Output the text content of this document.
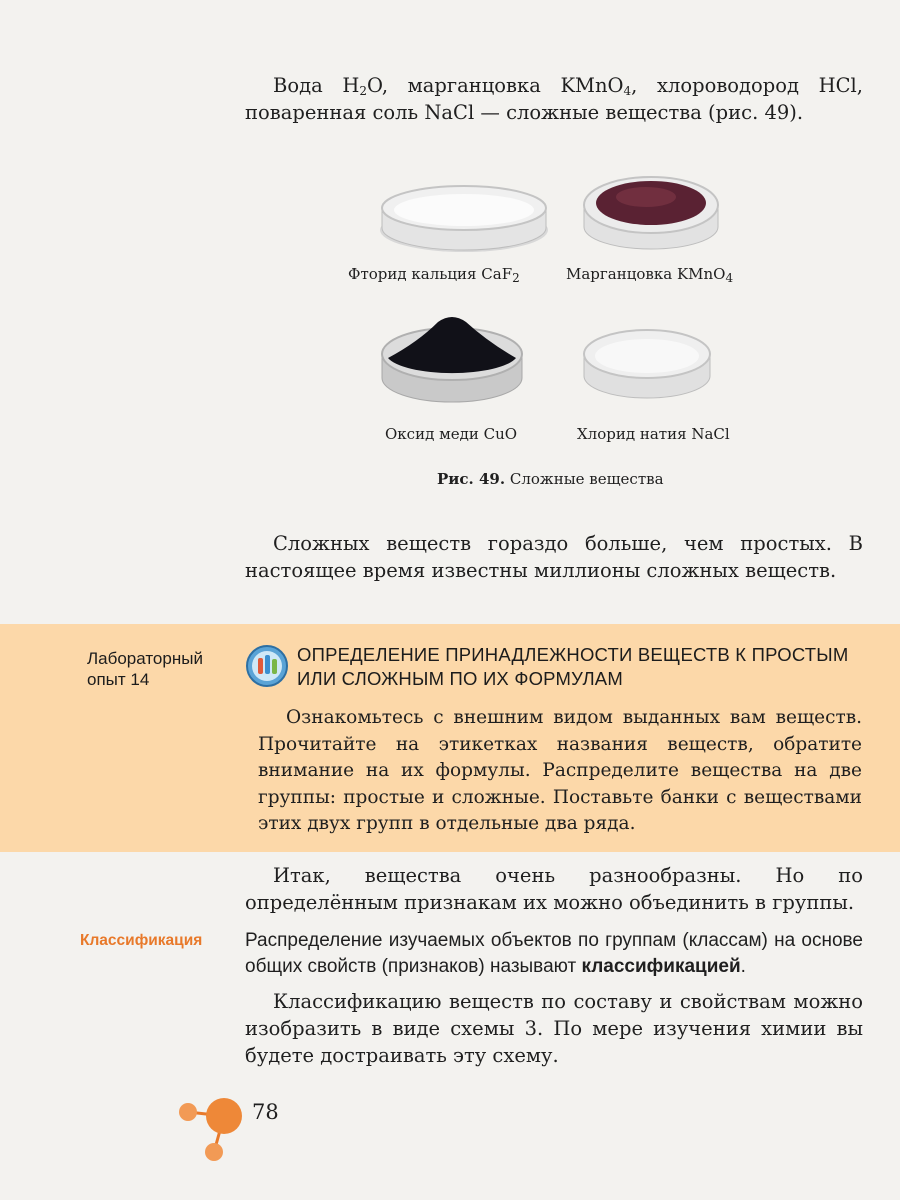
Вода $H_2O$, марганцовка KMnO$_4$, хлороводород HCl, поваренная соль NaCl — сложные вещества (рис. 49).

Фторид кальция CaF$_2$	Марганцовка KMnO$_4$
Оксид меди CuO	Хлорид натия NaCl
Рис. 49. Сложные вещества

Сложных веществ гораздо больше, чем простых. В настоящее время известны миллионы сложных веществ.

Лабораторный
опыт 14
ОПРЕДЕЛЕНИЕ ПРИНАДЛЕЖНОСТИ ВЕЩЕСТВ К ПРОСТЫМ ИЛИ СЛОЖНЫМ ПО ИХ ФОРМУЛАМ

Ознакомьтесь с внешним видом выданных вам веществ. Прочитайте на этикетках названия веществ, обратите внимание на их формулы. Распределите вещества на две группы: простые и сложные. Поставьте банки с веществами этих двух групп в отдельные два ряда.

Итак, вещества очень разнообразны. Но по определённым признакам их можно объединить в группы.

Классификация Распределение изучаемых объектов по группам (классам) на основе общих свойств (признаков) называют классификацией.

Классификацию веществ по составу и свойствам можно изобразить в виде схемы 3. По мере изучения химии вы будете достраивать эту схему.

78
